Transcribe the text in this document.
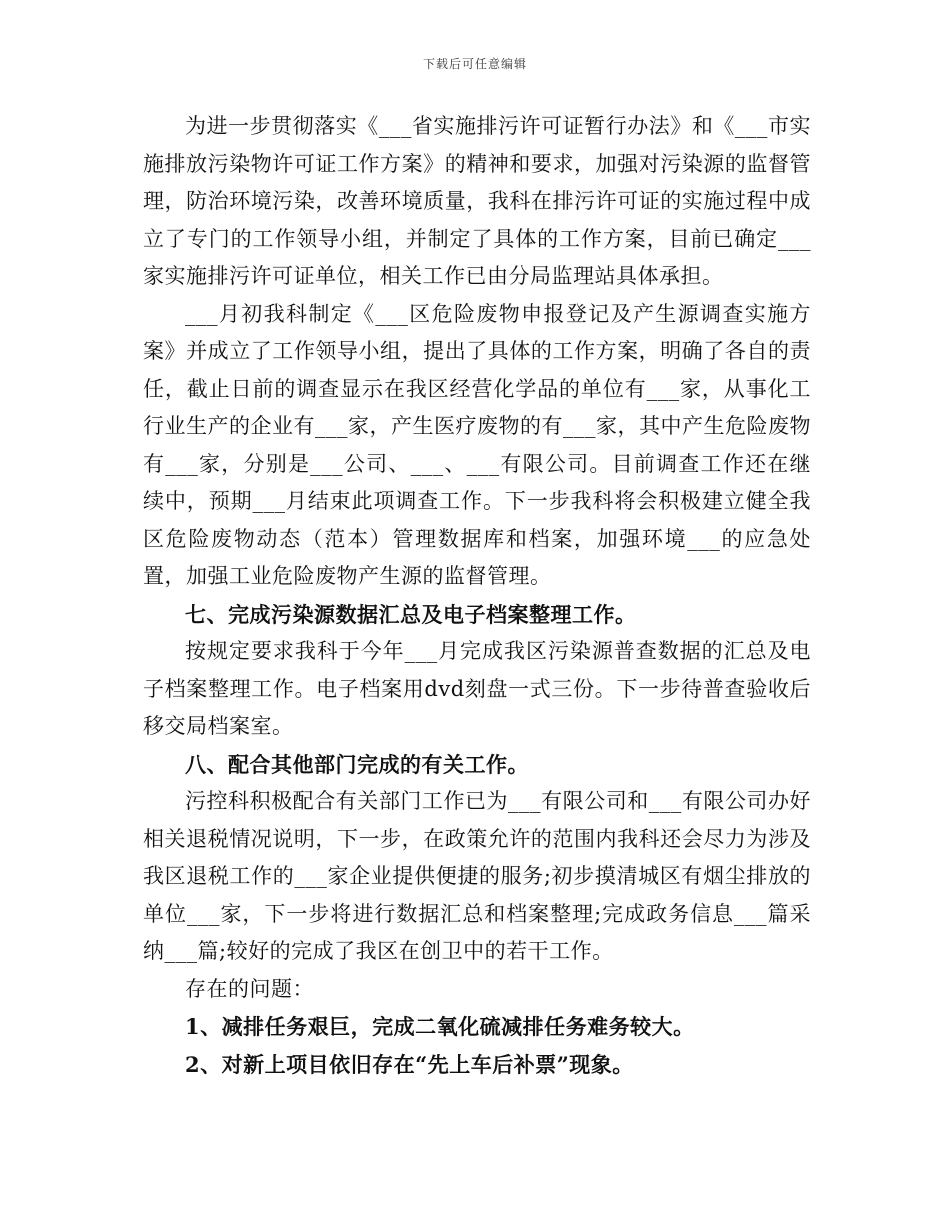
下载后可任意编辑

为进一步贯彻落实《___省实施排污许可证暂行办法》和《___市实施排放污染物许可证工作方案》的精神和要求，加强对污染源的监督管理，防治环境污染，改善环境质量，我科在排污许可证的实施过程中成立了专门的工作领导小组，并制定了具体的工作方案，目前已确定___家实施排污许可证单位，相关工作已由分局监理站具体承担。

___月初我科制定《___区危险废物申报登记及产生源调查实施方案》并成立了工作领导小组，提出了具体的工作方案，明确了各自的责任，截止日前的调查显示在我区经营化学品的单位有___家，从事化工行业生产的企业有___家，产生医疗废物的有___家，其中产生危险废物有___家，分别是___公司、___、___有限公司。目前调查工作还在继续中，预期___月结束此项调查工作。下一步我科将会积极建立健全我区危险废物动态（范本）管理数据库和档案，加强环境___的应急处置，加强工业危险废物产生源的监督管理。

七、完成污染源数据汇总及电子档案整理工作。

按规定要求我科于今年___月完成我区污染源普查数据的汇总及电子档案整理工作。电子档案用dvd刻盘一式三份。下一步待普查验收后移交局档案室。

八、配合其他部门完成的有关工作。

污控科积极配合有关部门工作已为___有限公司和___有限公司办好相关退税情况说明，下一步，在政策允许的范围内我科还会尽力为涉及我区退税工作的___家企业提供便捷的服务;初步摸清城区有烟尘排放的单位___家，下一步将进行数据汇总和档案整理;完成政务信息___篇采纳___篇;较好的完成了我区在创卫中的若干工作。

存在的问题：

1、减排任务艰巨，完成二氧化硫减排任务难务较大。

2、对新上项目依旧存在“先上车后补票”现象。
